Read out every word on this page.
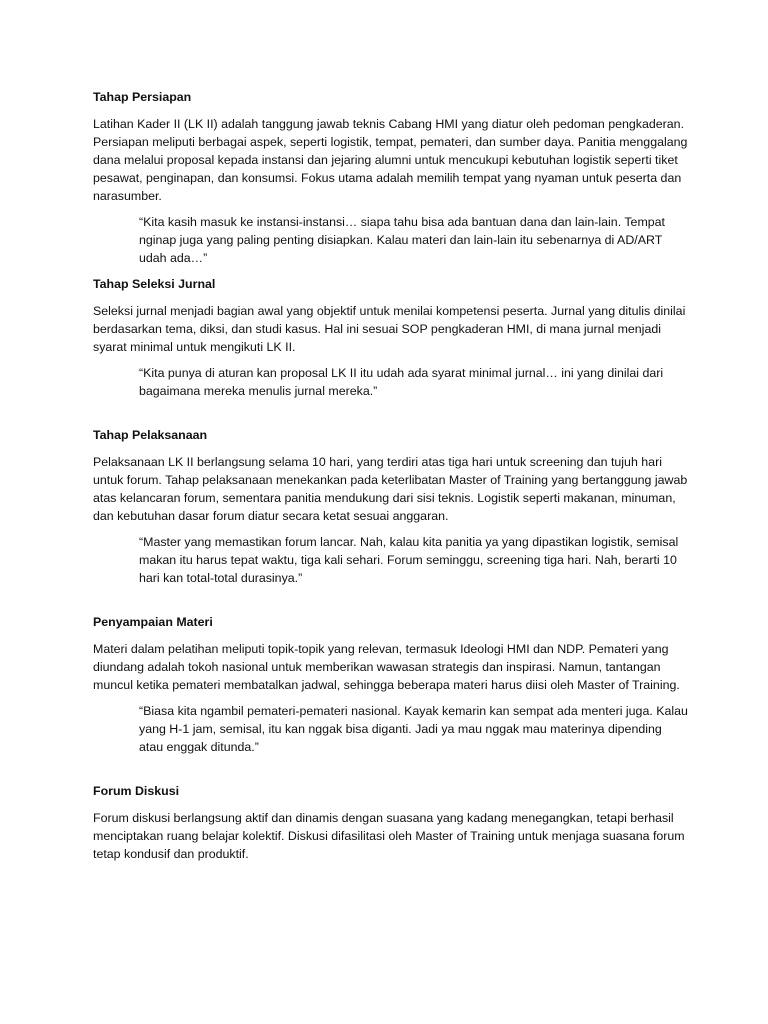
Tahap Persiapan

Latihan Kader II (LK II) adalah tanggung jawab teknis Cabang HMI yang diatur oleh pedoman pengkaderan. Persiapan meliputi berbagai aspek, seperti logistik, tempat, pemateri, dan sumber daya. Panitia menggalang dana melalui proposal kepada instansi dan jejaring alumni untuk mencukupi kebutuhan logistik seperti tiket pesawat, penginapan, dan konsumsi. Fokus utama adalah memilih tempat yang nyaman untuk peserta dan narasumber.

“Kita kasih masuk ke instansi-instansi… siapa tahu bisa ada bantuan dana dan lain-lain. Tempat nginap juga yang paling penting disiapkan. Kalau materi dan lain-lain itu sebenarnya di AD/ART udah ada…”

Tahap Seleksi Jurnal

Seleksi jurnal menjadi bagian awal yang objektif untuk menilai kompetensi peserta. Jurnal yang ditulis dinilai berdasarkan tema, diksi, dan studi kasus. Hal ini sesuai SOP pengkaderan HMI, di mana jurnal menjadi syarat minimal untuk mengikuti LK II.

“Kita punya di aturan kan proposal LK II itu udah ada syarat minimal jurnal… ini yang dinilai dari bagaimana mereka menulis jurnal mereka.”

Tahap Pelaksanaan

Pelaksanaan LK II berlangsung selama 10 hari, yang terdiri atas tiga hari untuk screening dan tujuh hari untuk forum. Tahap pelaksanaan menekankan pada keterlibatan Master of Training yang bertanggung jawab atas kelancaran forum, sementara panitia mendukung dari sisi teknis. Logistik seperti makanan, minuman, dan kebutuhan dasar forum diatur secara ketat sesuai anggaran.

“Master yang memastikan forum lancar. Nah, kalau kita panitia ya yang dipastikan logistik, semisal makan itu harus tepat waktu, tiga kali sehari. Forum seminggu, screening tiga hari. Nah, berarti 10 hari kan total-total durasinya.”

Penyampaian Materi

Materi dalam pelatihan meliputi topik-topik yang relevan, termasuk Ideologi HMI dan NDP. Pemateri yang diundang adalah tokoh nasional untuk memberikan wawasan strategis dan inspirasi. Namun, tantangan muncul ketika pemateri membatalkan jadwal, sehingga beberapa materi harus diisi oleh Master of Training.

“Biasa kita ngambil pemateri-pemateri nasional. Kayak kemarin kan sempat ada menteri juga. Kalau yang H-1 jam, semisal, itu kan nggak bisa diganti. Jadi ya mau nggak mau materinya dipending atau enggak ditunda.”

Forum Diskusi

Forum diskusi berlangsung aktif dan dinamis dengan suasana yang kadang menegangkan, tetapi berhasil menciptakan ruang belajar kolektif. Diskusi difasilitasi oleh Master of Training untuk menjaga suasana forum tetap kondusif dan produktif.
